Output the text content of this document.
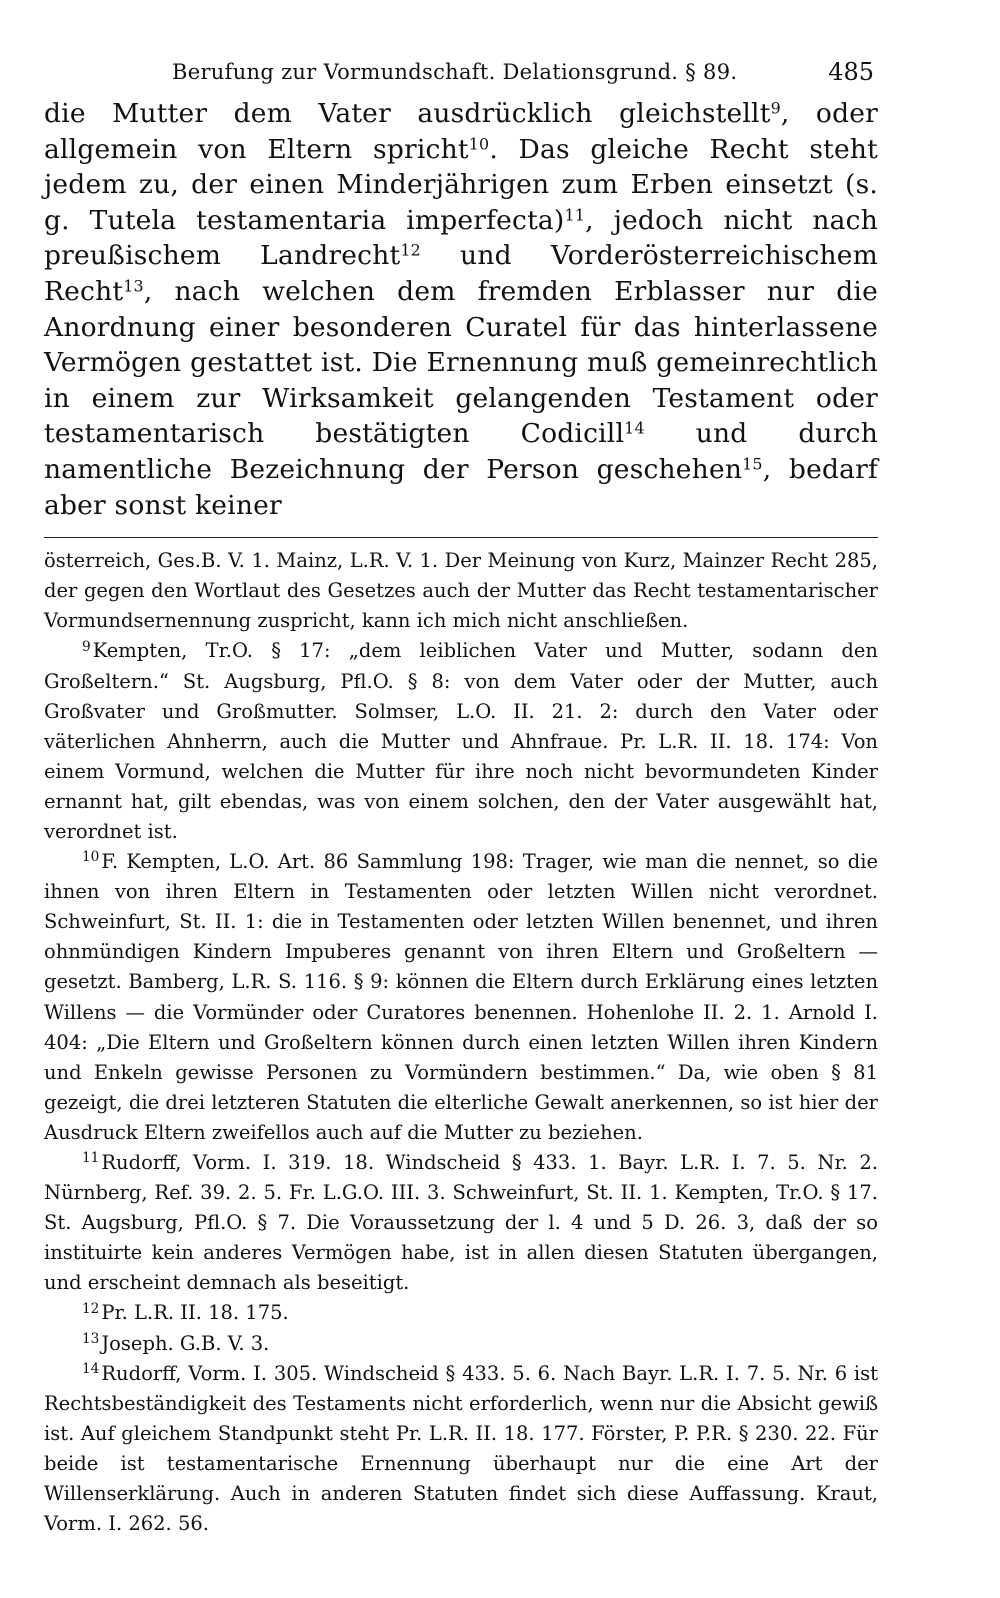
Berufung zur Vormundschaft. Delationsgrund. § 89.	485

die Mutter dem Vater ausdrücklich gleichstellt$^9$, oder allgemein von Eltern spricht$^{10}$. Das gleiche Recht steht jedem zu, der einen Minderjährigen zum Erben einsetzt (s. g. Tutela testamentaria imperfecta)$^{11}$, jedoch nicht nach preußischem Landrecht$^{12}$ und Vorderösterreichischem Recht$^{13}$, nach welchen dem fremden Erblasser nur die Anordnung einer besonderen Curatel für das hinterlassene Vermögen gestattet ist. Die Ernennung muß gemeinrechtlich in einem zur Wirksamkeit gelangenden Testament oder testamentarisch bestätigten Codicill$^{14}$ und durch namentliche Bezeichnung der Person geschehen$^{15}$, bedarf aber sonst keiner

österreich, Ges.B. V. 1. Mainz, L.R. V. 1. Der Meinung von Kurz, Mainzer Recht 285, der gegen den Wortlaut des Gesetzes auch der Mutter das Recht testamentarischer Vormundsernennung zuspricht, kann ich mich nicht anschließen.

$^9$ Kempten, Tr.O. § 17: „dem leiblichen Vater und Mutter, sodann den Großeltern.“ St. Augsburg, Pfl.O. § 8: von dem Vater oder der Mutter, auch Großvater und Großmutter. Solmser, L.O. II. 21. 2: durch den Vater oder väterlichen Ahnherrn, auch die Mutter und Ahnfraue. Pr. L.R. II. 18. 174: Von einem Vormund, welchen die Mutter für ihre noch nicht bevormundeten Kinder ernannt hat, gilt ebendas, was von einem solchen, den der Vater ausgewählt hat, verordnet ist.

$^{10}$ F. Kempten, L.O. Art. 86 Sammlung 198: Trager, wie man die nennet, so die ihnen von ihren Eltern in Testamenten oder letzten Willen nicht verordnet. Schweinfurt, St. II. 1: die in Testamenten oder letzten Willen benennet, und ihren ohnmündigen Kindern Impuberes genannt von ihren Eltern und Großeltern — gesetzt. Bamberg, L.R. S. 116. § 9: können die Eltern durch Erklärung eines letzten Willens — die Vormünder oder Curatores benennen. Hohenlohe II. 2. 1. Arnold I. 404: „Die Eltern und Großeltern können durch einen letzten Willen ihren Kindern und Enkeln gewisse Personen zu Vormündern bestimmen.“ Da, wie oben § 81 gezeigt, die drei letzteren Statuten die elterliche Gewalt anerkennen, so ist hier der Ausdruck Eltern zweifellos auch auf die Mutter zu beziehen.

$^{11}$ Rudorff, Vorm. I. 319. 18. Windscheid § 433. 1. Bayr. L.R. I. 7. 5. Nr. 2. Nürnberg, Ref. 39. 2. 5. Fr. L.G.O. III. 3. Schweinfurt, St. II. 1. Kempten, Tr.O. § 17. St. Augsburg, Pfl.O. § 7. Die Voraussetzung der l. 4 und 5 D. 26. 3, daß der so instituirte kein anderes Vermögen habe, ist in allen diesen Statuten übergangen, und erscheint demnach als beseitigt.

$^{12}$ Pr. L.R. II. 18. 175.

$^{13}$ Joseph. G.B. V. 3.

$^{14}$ Rudorff, Vorm. I. 305. Windscheid § 433. 5. 6. Nach Bayr. L.R. I. 7. 5. Nr. 6 ist Rechtsbeständigkeit des Testaments nicht erforderlich, wenn nur die Absicht gewiß ist. Auf gleichem Standpunkt steht Pr. L.R. II. 18. 177. Förster, P. P.R. § 230. 22. Für beide ist testamentarische Ernennung überhaupt nur die eine Art der Willenserklärung. Auch in anderen Statuten findet sich diese Auffassung. Kraut, Vorm. I. 262. 56.
